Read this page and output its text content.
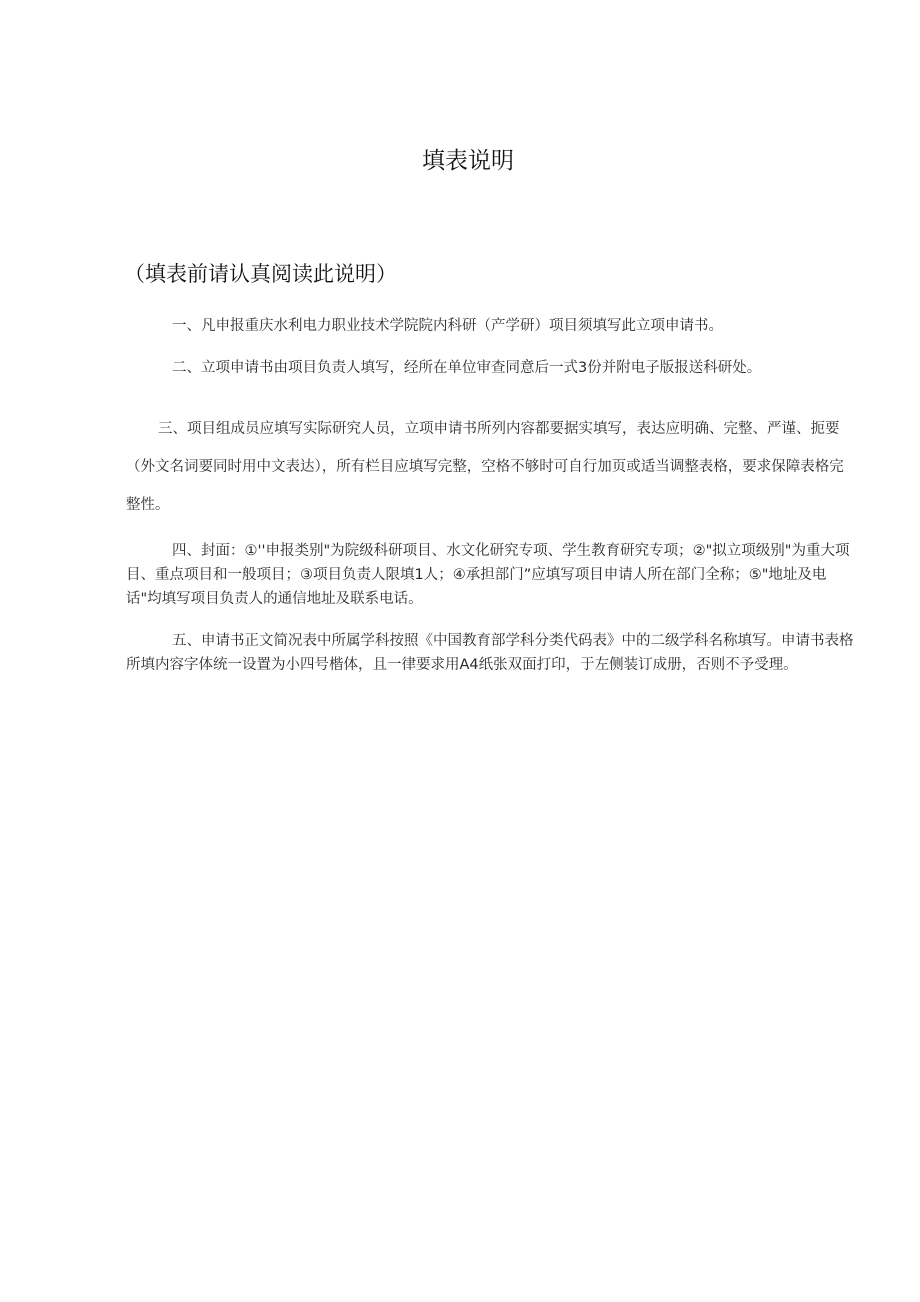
填表说明
（填表前请认真阅读此说明）
一、凡申报重庆水利电力职业技术学院院内科研（产学研）项目须填写此立项申请书。
二、立项申请书由项目负责人填写，经所在单位审查同意后一式3份并附电子版报送科研处。
三、项目组成员应填写实际研究人员，立项申请书所列内容都要据实填写，表达应明确、完整、严谨、扼要（外文名词要同时用中文表达），所有栏目应填写完整，空格不够时可自行加页或适当调整表格，要求保障表格完整性。
四、封面：①''申报类别"为院级科研项目、水文化研究专项、学生教育研究专项；②"拟立项级别"为重大项目、重点项目和一般项目；③项目负责人限填1人；④承担部门”应填写项目申请人所在部门全称；⑤"地址及电话"均填写项目负责人的通信地址及联系电话。
五、申请书正文简况表中所属学科按照《中国教育部学科分类代码表》中的二级学科名称填写。申请书表格所填内容字体统一设置为小四号楷体，且一律要求用A4纸张双面打印，于左侧装订成册，否则不予受理。
